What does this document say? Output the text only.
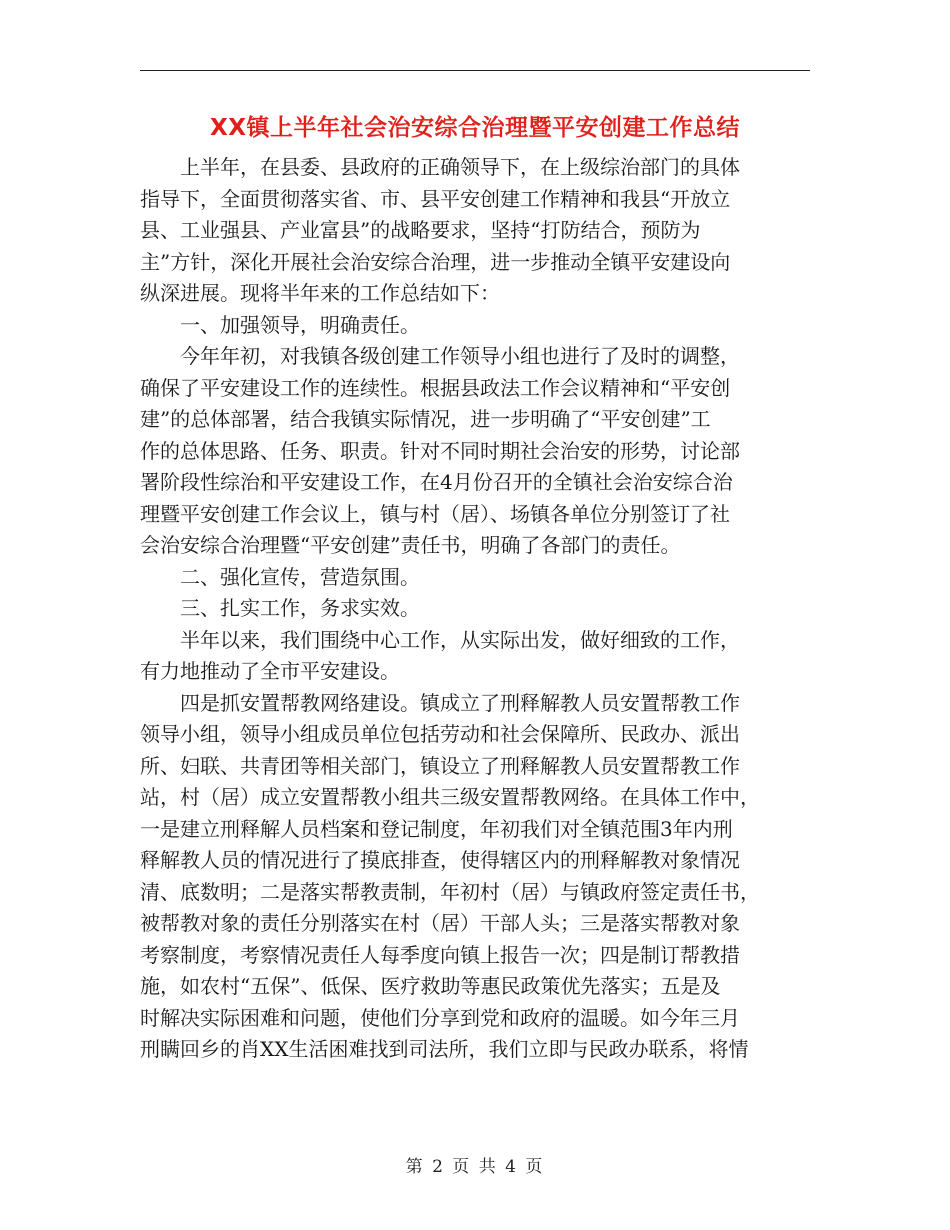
XX镇上半年社会治安综合治理暨平安创建工作总结
上半年，在县委、县政府的正确领导下，在上级综治部门的具体
指导下，全面贯彻落实省、市、县平安创建工作精神和我县“开放立
县、工业强县、产业富县”的战略要求，坚持“打防结合，预防为
主”方针，深化开展社会治安综合治理，进一步推动全镇平安建设向
纵深进展。现将半年来的工作总结如下：
一、加强领导，明确责任。
今年年初，对我镇各级创建工作领导小组也进行了及时的调整，
确保了平安建设工作的连续性。根据县政法工作会议精神和“平安创
建”的总体部署，结合我镇实际情况，进一步明确了“平安创建”工
作的总体思路、任务、职责。针对不同时期社会治安的形势，讨论部
署阶段性综治和平安建设工作，在4月份召开的全镇社会治安综合治
理暨平安创建工作会议上，镇与村（居）、场镇各单位分别签订了社
会治安综合治理暨“平安创建”责任书，明确了各部门的责任。
二、强化宣传，营造氛围。
三、扎实工作，务求实效。
半年以来，我们围绕中心工作，从实际出发，做好细致的工作，
有力地推动了全市平安建设。
四是抓安置帮教网络建设。镇成立了刑释解教人员安置帮教工作
领导小组，领导小组成员单位包括劳动和社会保障所、民政办、派出
所、妇联、共青团等相关部门，镇设立了刑释解教人员安置帮教工作
站，村（居）成立安置帮教小组共三级安置帮教网络。在具体工作中，
一是建立刑释解人员档案和登记制度，年初我们对全镇范围3年内刑
释解教人员的情况进行了摸底排查，使得辖区内的刑释解教对象情况
清、底数明；二是落实帮教责制，年初村（居）与镇政府签定责任书，
被帮教对象的责任分别落实在村（居）干部人头；三是落实帮教对象
考察制度，考察情况责任人每季度向镇上报告一次；四是制订帮教措
施，如农村“五保”、低保、医疗救助等惠民政策优先落实；五是及
时解决实际困难和问题，使他们分享到党和政府的温暖。如今年三月
刑瞒回乡的肖XX生活困难找到司法所，我们立即与民政办联系，将情
第 2 页 共 4 页
